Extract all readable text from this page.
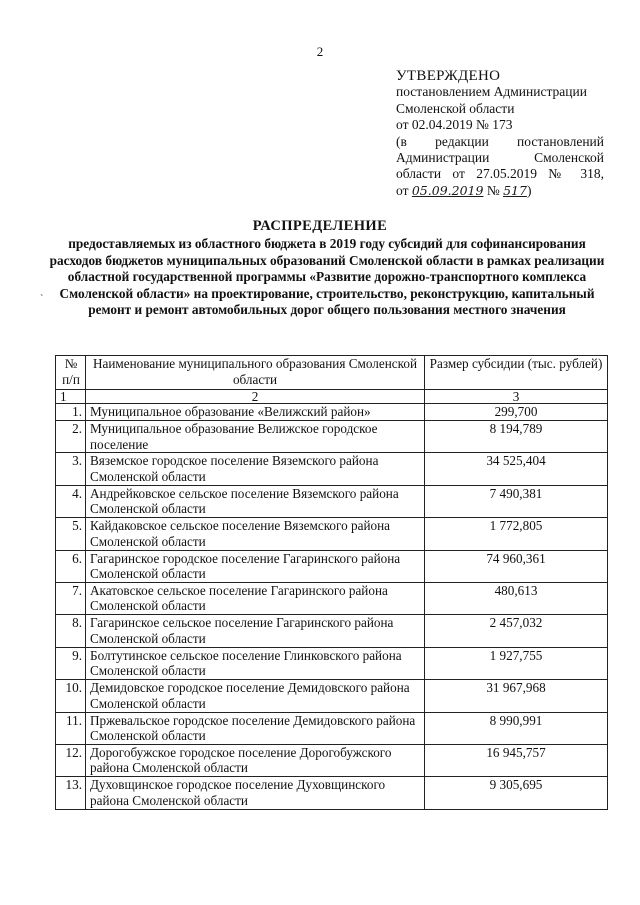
2
УТВЕРЖДЕНО
постановлением Администрации
Смоленской области
от 02.04.2019 № 173
(в редакции постановлений
Администрации Смоленской
области от 27.05.2019 № 318,
от 05.09.2019 № 517)
РАСПРЕДЕЛЕНИЕ
предоставляемых из областного бюджета в 2019 году субсидий для софинансирования расходов бюджетов муниципальных образований Смоленской области в рамках реализации областной государственной программы «Развитие дорожно-транспортного комплекса Смоленской области» на проектирование, строительство, реконструкцию, капитальный ремонт и ремонт автомобильных дорог общего пользования местного значения
ˋ
№ п/п	Наименование муниципального образования Смоленской области	Размер субсидии (тыс. рублей)
1	2	3
1.	Муниципальное образование «Велижский район»	299,700
2.	Муниципальное образование Велижское городское поселение	8 194,789
3.	Вяземское городское поселение Вяземского района Смоленской области	34 525,404
4.	Андрейковское сельское поселение Вяземского района Смоленской области	7 490,381
5.	Кайдаковское сельское поселение Вяземского района Смоленской области	1 772,805
6.	Гагаринское городское поселение Гагаринского района Смоленской области	74 960,361
7.	Акатовское сельское поселение Гагаринского района Смоленской области	480,613
8.	Гагаринское сельское поселение Гагаринского района Смоленской области	2 457,032
9.	Болтутинское сельское поселение Глинковского района Смоленской области	1 927,755
10.	Демидовское городское поселение Демидовского района Смоленской области	31 967,968
11.	Пржевальское городское поселение Демидовского района Смоленской области	8 990,991
12.	Дорогобужское городское поселение Дорогобужского района Смоленской области	16 945,757
13.	Духовщинское городское поселение Духовщинского района Смоленской области	9 305,695
